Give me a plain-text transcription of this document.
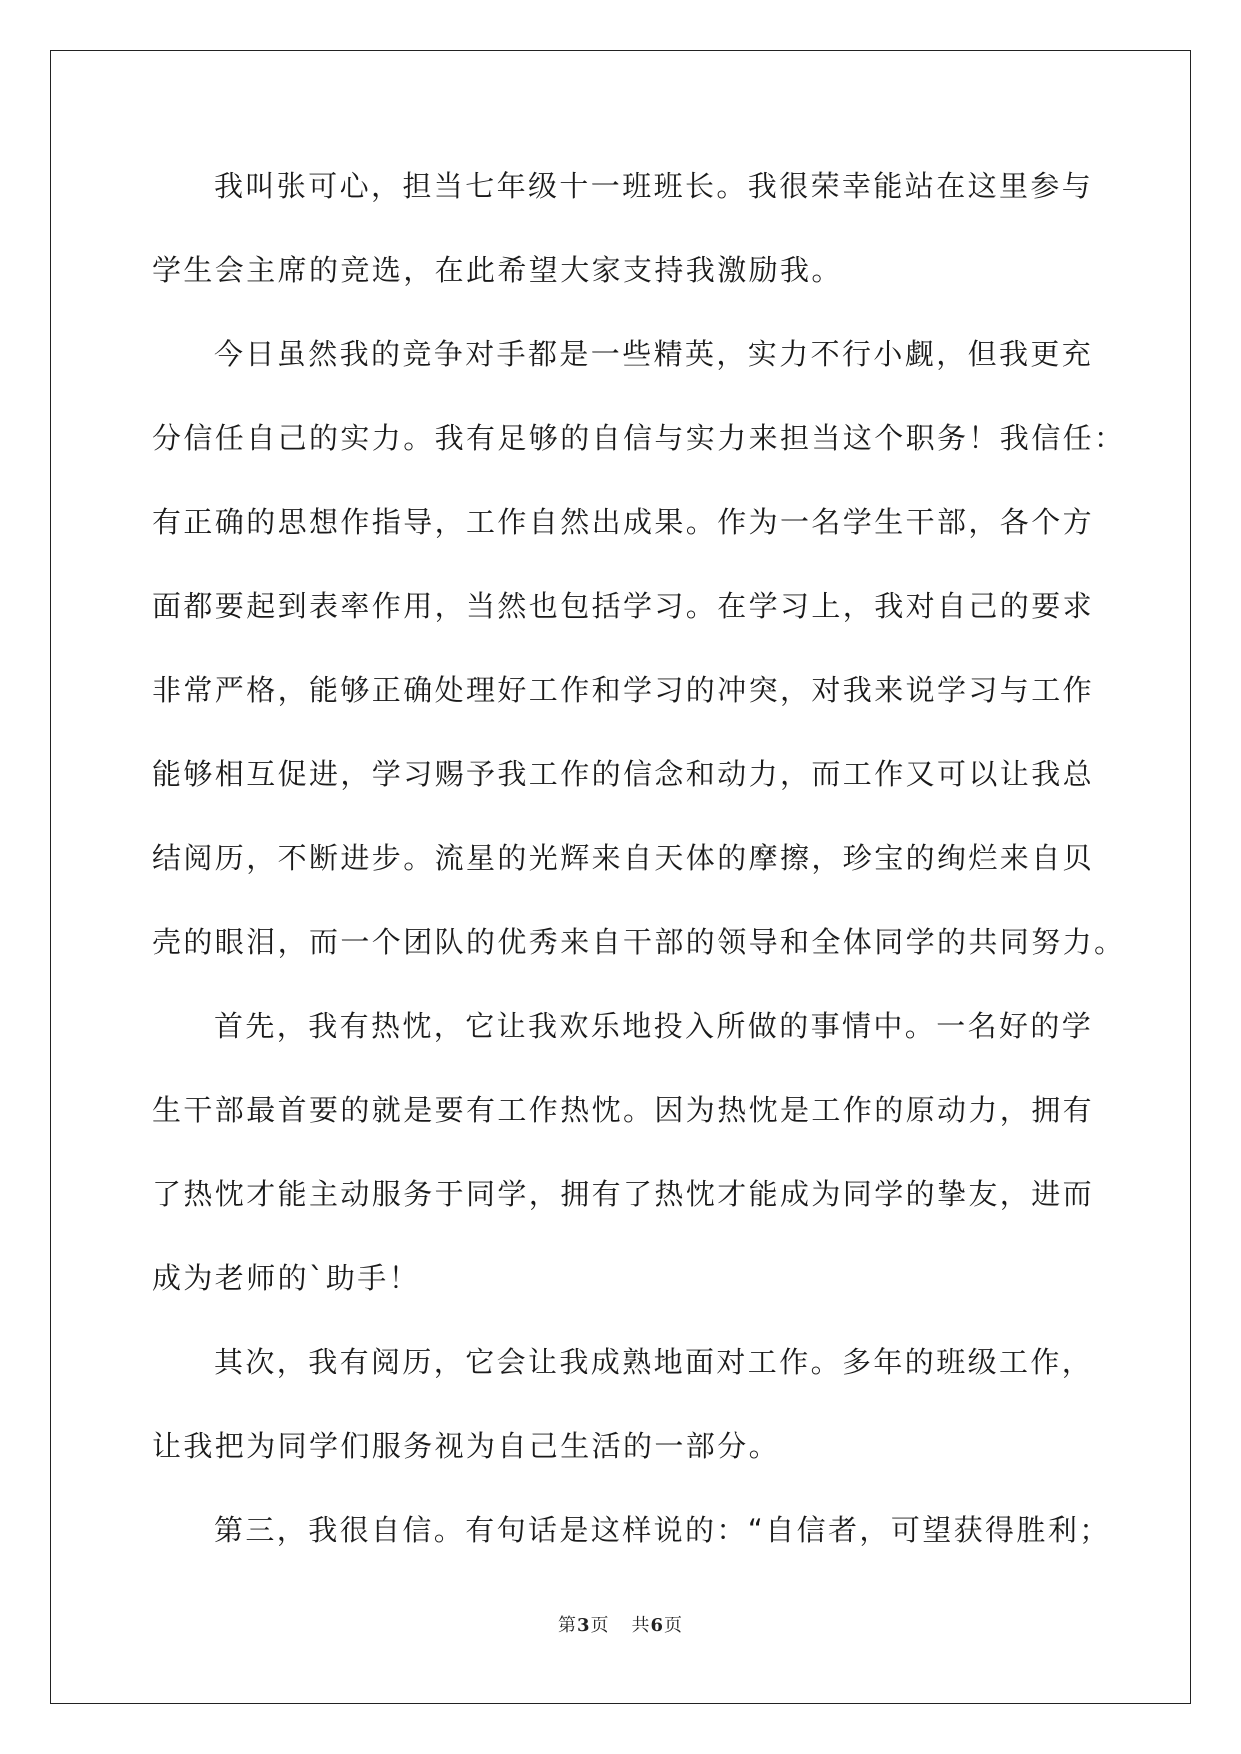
我叫张可心，担当七年级十一班班长。我很荣幸能站在这里参与
学生会主席的竞选，在此希望大家支持我激励我。
今日虽然我的竞争对手都是一些精英，实力不行小觑，但我更充
分信任自己的实力。我有足够的自信与实力来担当这个职务！我信任：
有正确的思想作指导，工作自然出成果。作为一名学生干部，各个方
面都要起到表率作用，当然也包括学习。在学习上，我对自己的要求
非常严格，能够正确处理好工作和学习的冲突，对我来说学习与工作
能够相互促进，学习赐予我工作的信念和动力，而工作又可以让我总
结阅历，不断进步。流星的光辉来自天体的摩擦，珍宝的绚烂来自贝
壳的眼泪，而一个团队的优秀来自干部的领导和全体同学的共同努力。
首先，我有热忱，它让我欢乐地投入所做的事情中。一名好的学
生干部最首要的就是要有工作热忱。因为热忱是工作的原动力，拥有
了热忱才能主动服务于同学，拥有了热忱才能成为同学的挚友，进而
成为老师的`助手！
其次，我有阅历，它会让我成熟地面对工作。多年的班级工作，
让我把为同学们服务视为自己生活的一部分。
第三，我很自信。有句话是这样说的：“自信者，可望获得胜利；
第3页 共6页
